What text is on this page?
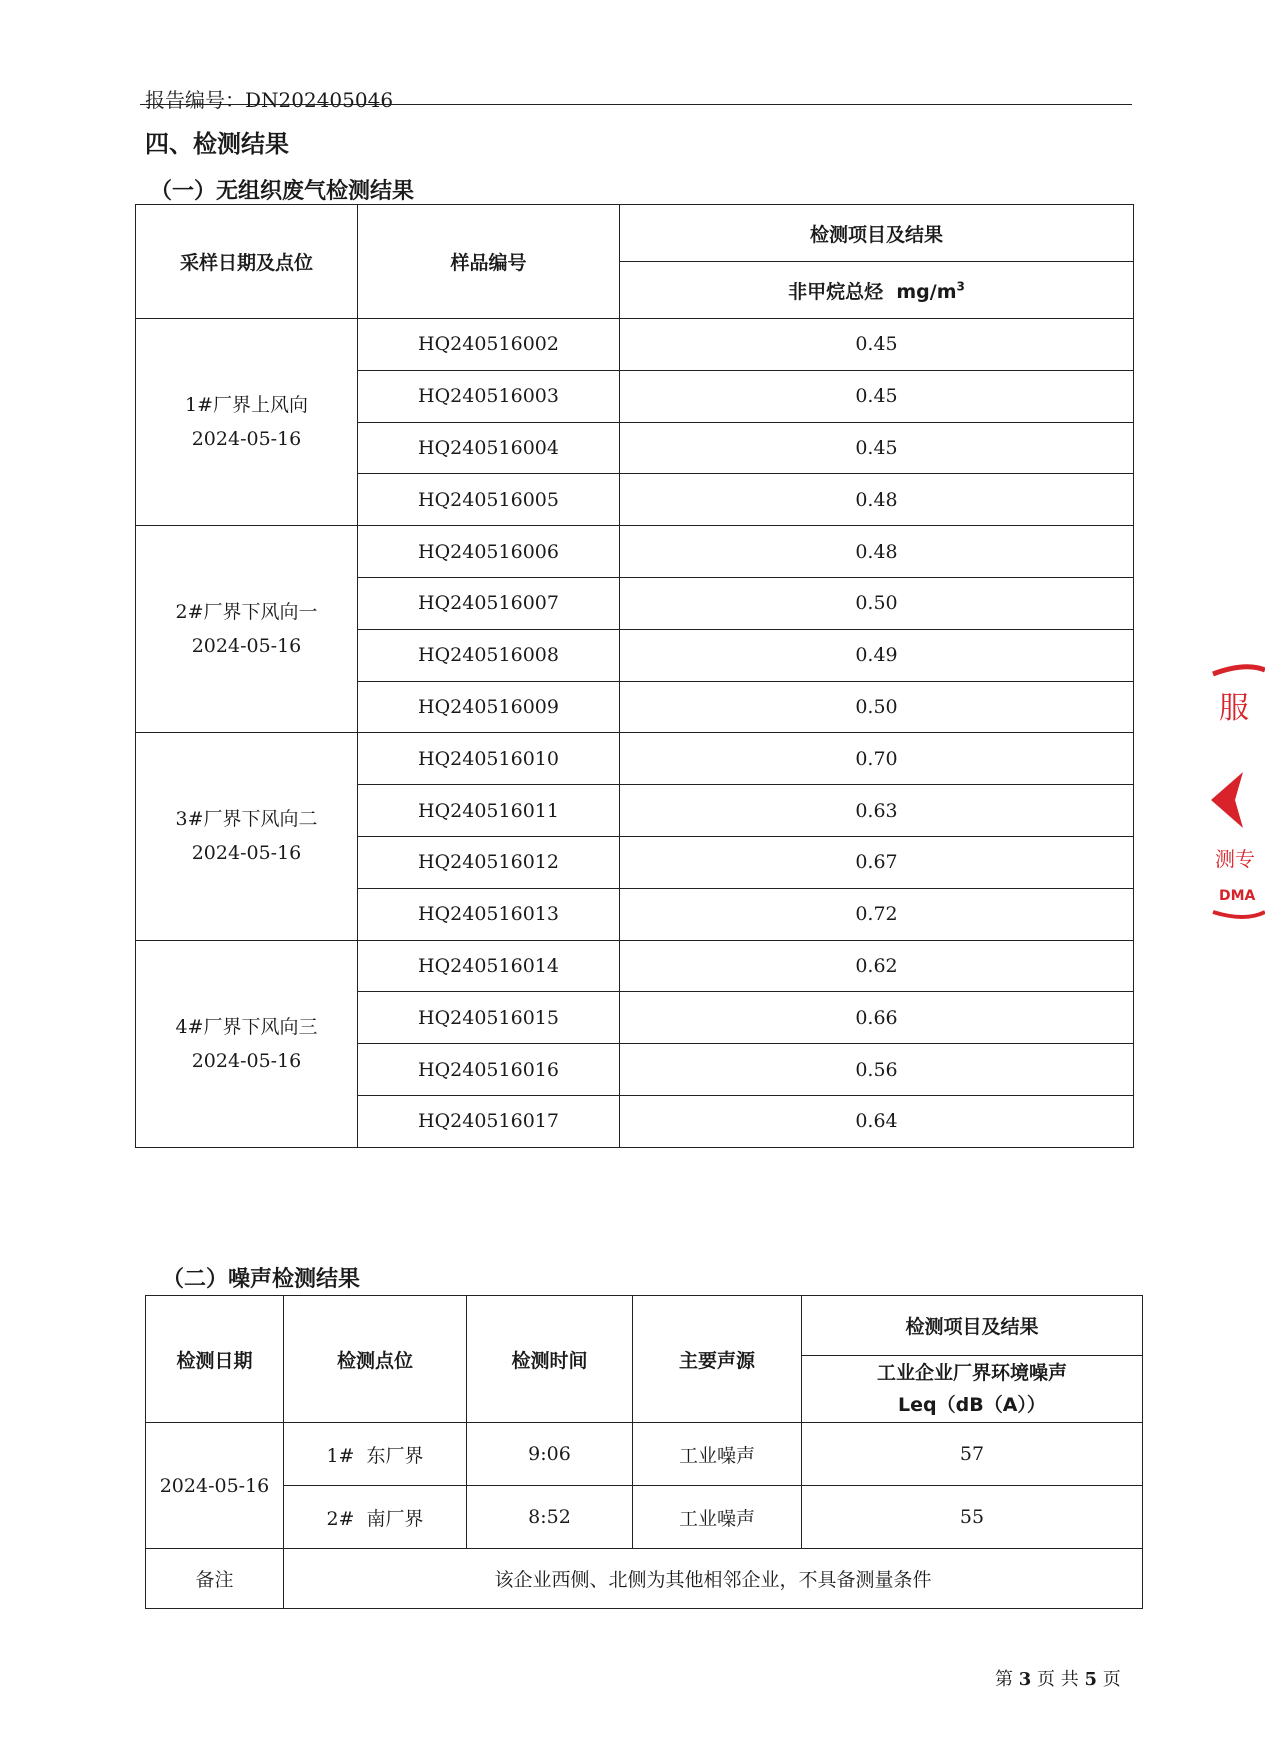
报告编号：DN202405046
四、检测结果
（一）无组织废气检测结果
采样日期及点位	样品编号	检测项目及结果
		非甲烷总烃 $mg/m^3$

1#厂界上风向
2024-05-16	HQ240516002	0.45
	HQ240516003	0.45
	HQ240516004	0.45
	HQ240516005	0.48

2#厂界下风向一
2024-05-16	HQ240516006	0.48
	HQ240516007	0.50
	HQ240516008	0.49
	HQ240516009	0.50

3#厂界下风向二
2024-05-16	HQ240516010	0.70
	HQ240516011	0.63
	HQ240516012	0.67
	HQ240516013	0.72

4#厂界下风向三
2024-05-16	HQ240516014	0.62
	HQ240516015	0.66
	HQ240516016	0.56
	HQ240516017	0.64
（二）噪声检测结果
检测日期	检测点位	检测时间	主要声源	检测项目及结果

				工业企业厂界环境噪声
Leq（dB（A））

2024-05-16	1#  东厂界	9:06	工业噪声	57
	2#  南厂界	8:52	工业噪声	55
备注	该企业西侧、北侧为其他相邻企业，不具备测量条件			
第 3 页 共 5 页
服
测专
DMA
